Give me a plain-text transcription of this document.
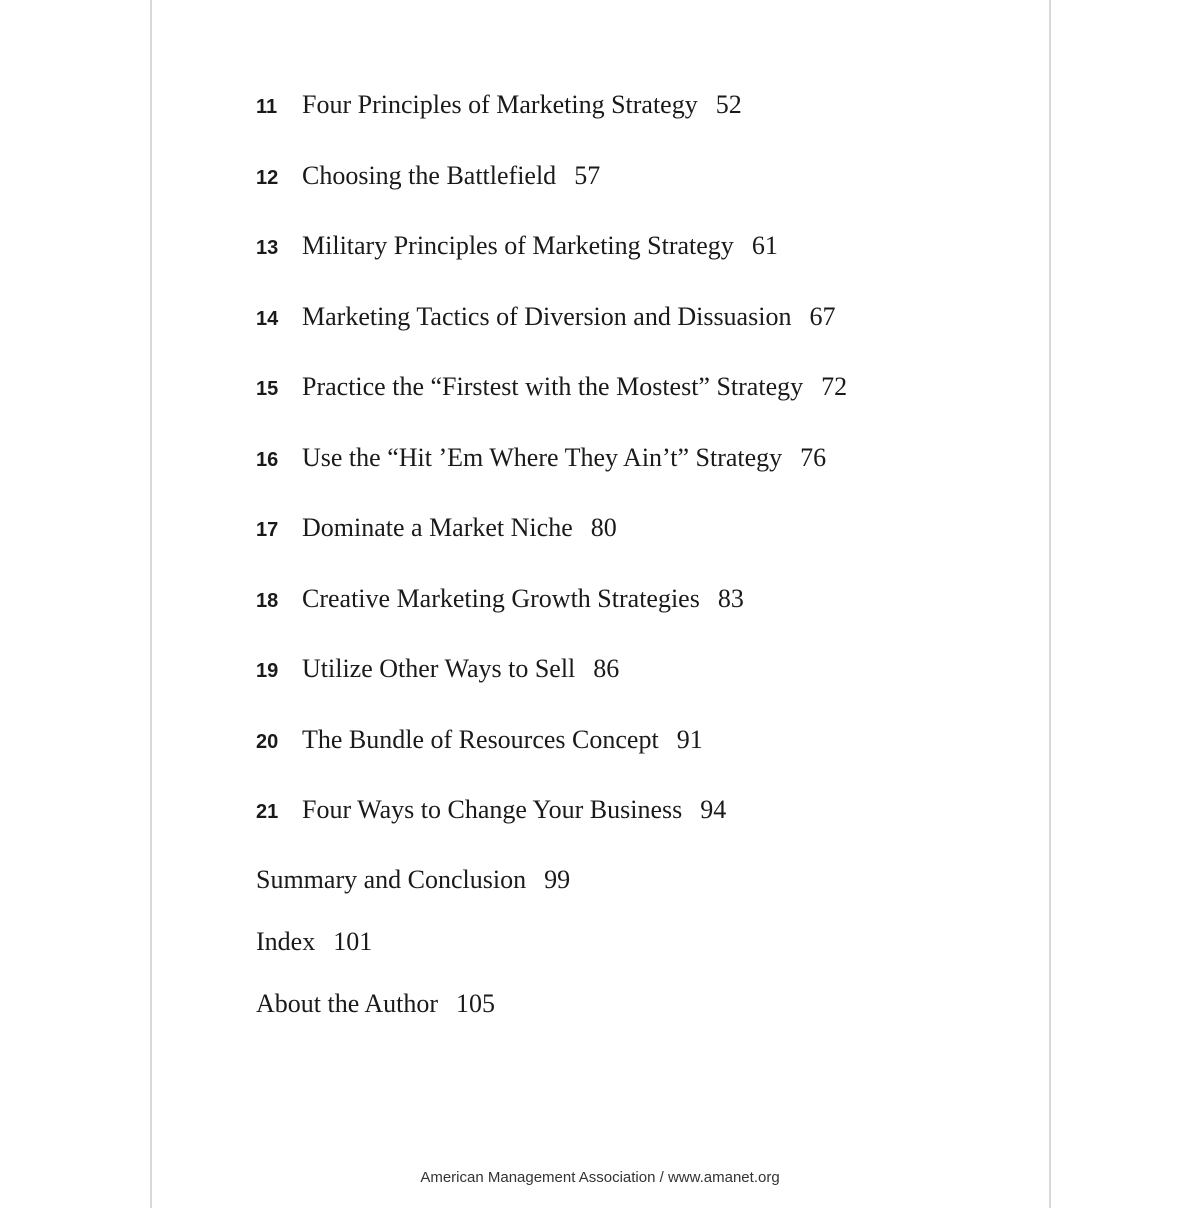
11 Four Principles of Marketing Strategy 52
12 Choosing the Battlefield 57
13 Military Principles of Marketing Strategy 61
14 Marketing Tactics of Diversion and Dissuasion 67
15 Practice the “Firstest with the Mostest” Strategy 72
16 Use the “Hit ’Em Where They Ain’t” Strategy 76
17 Dominate a Market Niche 80
18 Creative Marketing Growth Strategies 83
19 Utilize Other Ways to Sell 86
20 The Bundle of Resources Concept 91
21 Four Ways to Change Your Business 94
Summary and Conclusion 99
Index 101
About the Author 105
American Management Association / www.amanet.org
